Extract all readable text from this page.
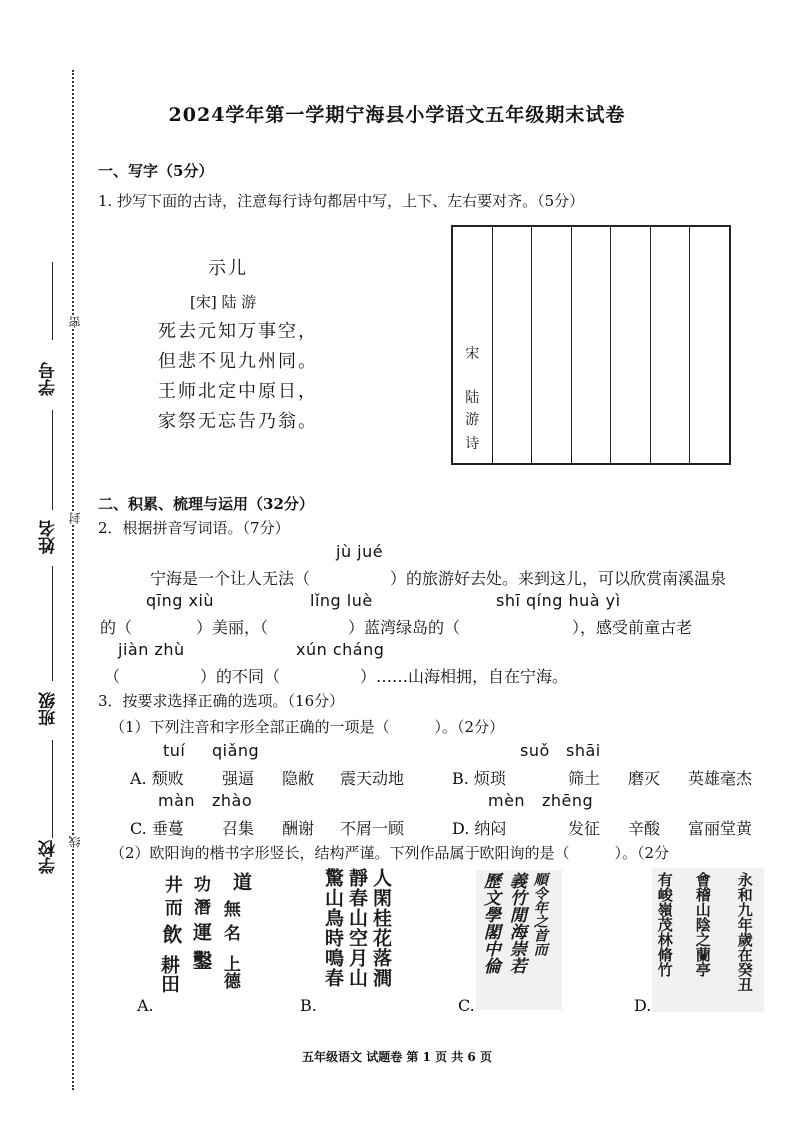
2024学年第一学期宁海县小学语文五年级期末试卷
学号
姓名
班级
学校
密
封
线
一、写字（5分）
1. 抄写下面的古诗，注意每行诗句都居中写，上下、左右要对齐。（5分）
示儿
[宋] 陆 游
死去元知万事空，
但悲不见九州同。
王师北定中原日，
家祭无忘告乃翁。
宋
陆
游
诗
二、积累、梳理与运用（32分）
2．根据拼音写词语。（7分）
jù jué
宁海是一个让人无法（　　　　　）的旅游好去处。来到这儿，可以欣赏南溪温泉
qīng xiù	lǐng luè	shī qíng huà yì
的（　　　　）美丽，（　　　　　）蓝湾绿岛的（　　　　　　　），感受前童古老
jiàn zhù	xún cháng
（　　　　　）的不同（　　　　　）……山海相拥，自在宁海。
3．按要求选择正确的选项。（16分）
（1）下列注音和字形全部正确的一项是（　　　）。（2分）
tuí qiǎng	suǒ shāi
A. 颓败 强逼 隐敝 震天动地	B. 烦琐	筛土 磨灭 英雄毫杰
màn zhào	mèn zhēng
C. 垂蔓 召集 酬谢 不屑一顾	D. 纳闷	发征 辛酸 富丽堂黄
（2）欧阳询的楷书字形竖长，结构严谨。下列作品属于欧阳询的是（　　　）。（2分
道
井
而
飲
耕田
功
潛
運
鑿
無
名
上德
A.
驚山鳥時鳴春 靜春山空月山 人閑桂花落澗
B.
歷文學閣中倫 義竹閒海崇若 順令年之首而
C.
有峻嶺茂林脩竹 會稽山陰之蘭亭 永和九年歲在癸丑
D.
五年级语文 试题卷 第 1 页 共 6 页
